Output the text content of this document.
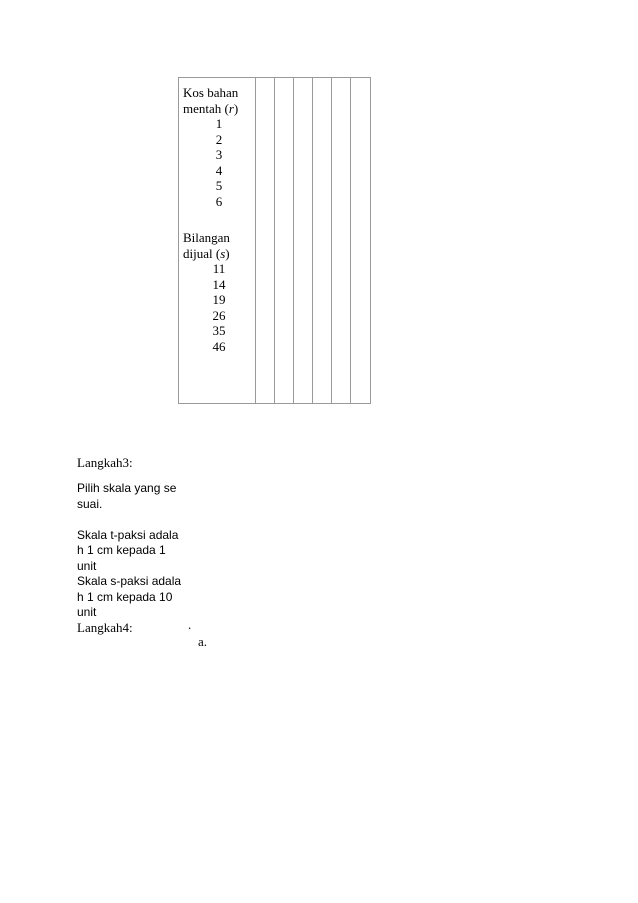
Kos bahan
mentah (r)
1
2
3
4
5
6
Bilangan
dijual (s)
11
14
19
26
35
46
Langkah3:

Pilih skala yang se

suai.

Skala t-paksi adala

h 1 cm kepada 1

unit

Skala s-paksi adala

h 1 cm kepada 10

unit

Langkah4:	.
a.
